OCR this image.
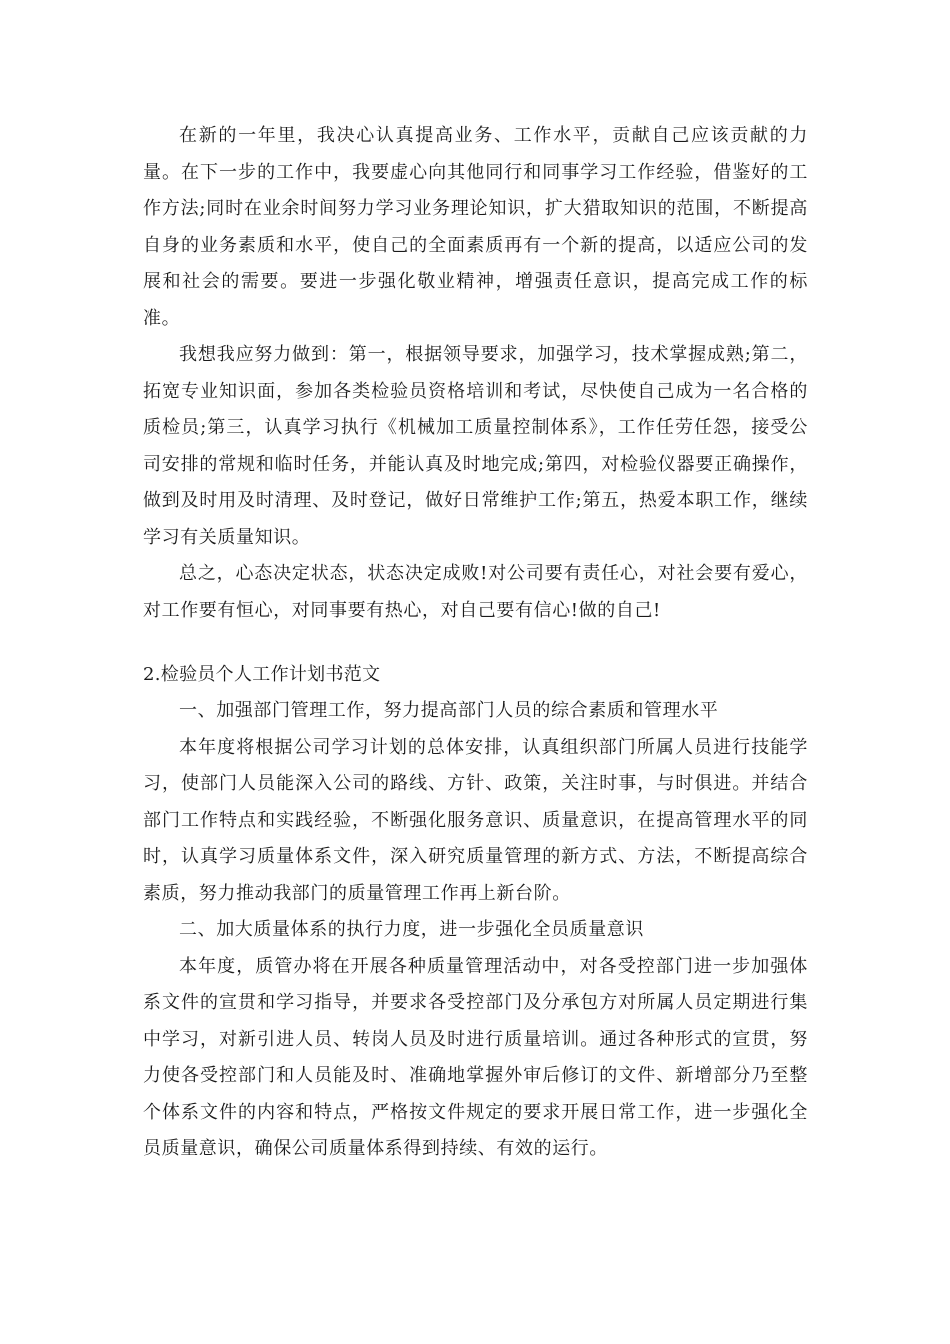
在新的一年里，我决心认真提高业务、工作水平，贡献自己应该贡献的力量。在下一步的工作中，我要虚心向其他同行和同事学习工作经验，借鉴好的工作方法;同时在业余时间努力学习业务理论知识，扩大猎取知识的范围，不断提高自身的业务素质和水平，使自己的全面素质再有一个新的提高，以适应公司的发展和社会的需要。要进一步强化敬业精神，增强责任意识，提高完成工作的标准。

我想我应努力做到：第一，根据领导要求，加强学习，技术掌握成熟;第二，拓宽专业知识面，参加各类检验员资格培训和考试，尽快使自己成为一名合格的质检员;第三，认真学习执行《机械加工质量控制体系》，工作任劳任怨，接受公司安排的常规和临时任务，并能认真及时地完成;第四，对检验仪器要正确操作，做到及时用及时清理、及时登记，做好日常维护工作;第五，热爱本职工作，继续学习有关质量知识。

总之，心态决定状态，状态决定成败!对公司要有责任心，对社会要有爱心，对工作要有恒心，对同事要有热心，对自己要有信心!做的自己!

2.检验员个人工作计划书范文

一、加强部门管理工作，努力提高部门人员的综合素质和管理水平

本年度将根据公司学习计划的总体安排，认真组织部门所属人员进行技能学习，使部门人员能深入公司的路线、方针、政策，关注时事，与时俱进。并结合部门工作特点和实践经验，不断强化服务意识、质量意识，在提高管理水平的同时，认真学习质量体系文件，深入研究质量管理的新方式、方法，不断提高综合素质，努力推动我部门的质量管理工作再上新台阶。

二、加大质量体系的执行力度，进一步强化全员质量意识

本年度，质管办将在开展各种质量管理活动中，对各受控部门进一步加强体系文件的宣贯和学习指导，并要求各受控部门及分承包方对所属人员定期进行集中学习，对新引进人员、转岗人员及时进行质量培训。通过各种形式的宣贯，努力使各受控部门和人员能及时、准确地掌握外审后修订的文件、新增部分乃至整个体系文件的内容和特点，严格按文件规定的要求开展日常工作，进一步强化全员质量意识，确保公司质量体系得到持续、有效的运行。
